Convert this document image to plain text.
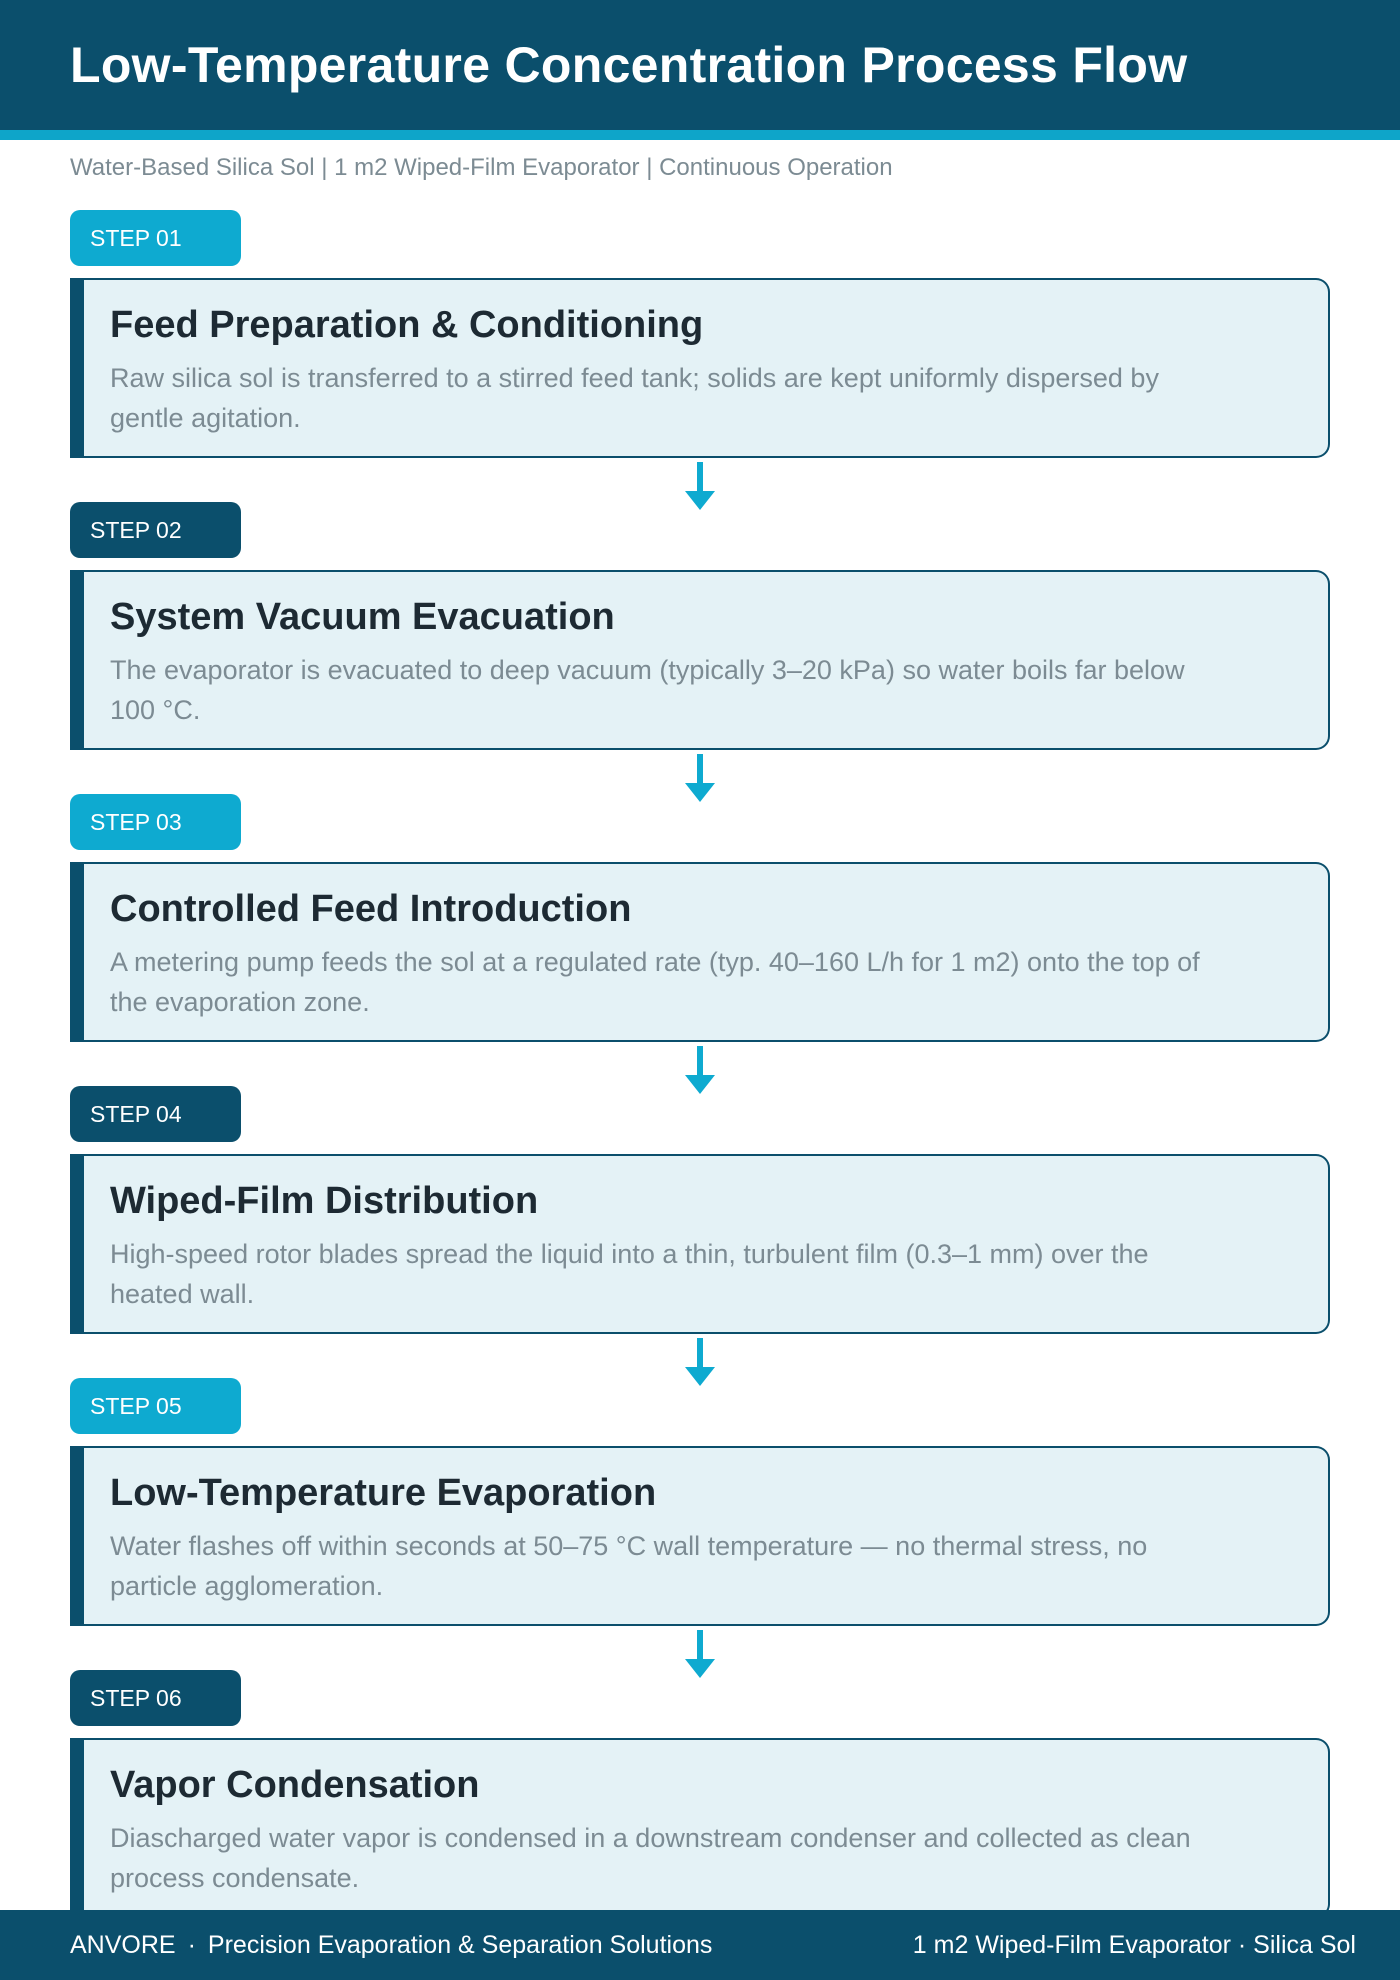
Low-Temperature Concentration Process Flow
Water-Based Silica Sol | 1 m2 Wiped-Film Evaporator | Continuous Operation
STEP 01
Feed Preparation & Conditioning
Raw silica sol is transferred to a stirred feed tank; solids are kept uniformly dispersed by gentle agitation.
STEP 02
System Vacuum Evacuation
The evaporator is evacuated to deep vacuum (typically 3–20 kPa) so water boils far below 100 °C.
STEP 03
Controlled Feed Introduction
A metering pump feeds the sol at a regulated rate (typ. 40–160 L/h for 1 m2) onto the top of the evaporation zone.
STEP 04
Wiped-Film Distribution
High-speed rotor blades spread the liquid into a thin, turbulent film (0.3–1 mm) over the heated wall.
STEP 05
Low-Temperature Evaporation
Water flashes off within seconds at 50–75 °C wall temperature — no thermal stress, no particle agglomeration.
STEP 06
Vapor Condensation
Diascharged water vapor is condensed in a downstream condenser and collected as clean process condensate.
ANVORE · Precision Evaporation & Separation Solutions	1 m2 Wiped-Film Evaporator · Silica Sol
